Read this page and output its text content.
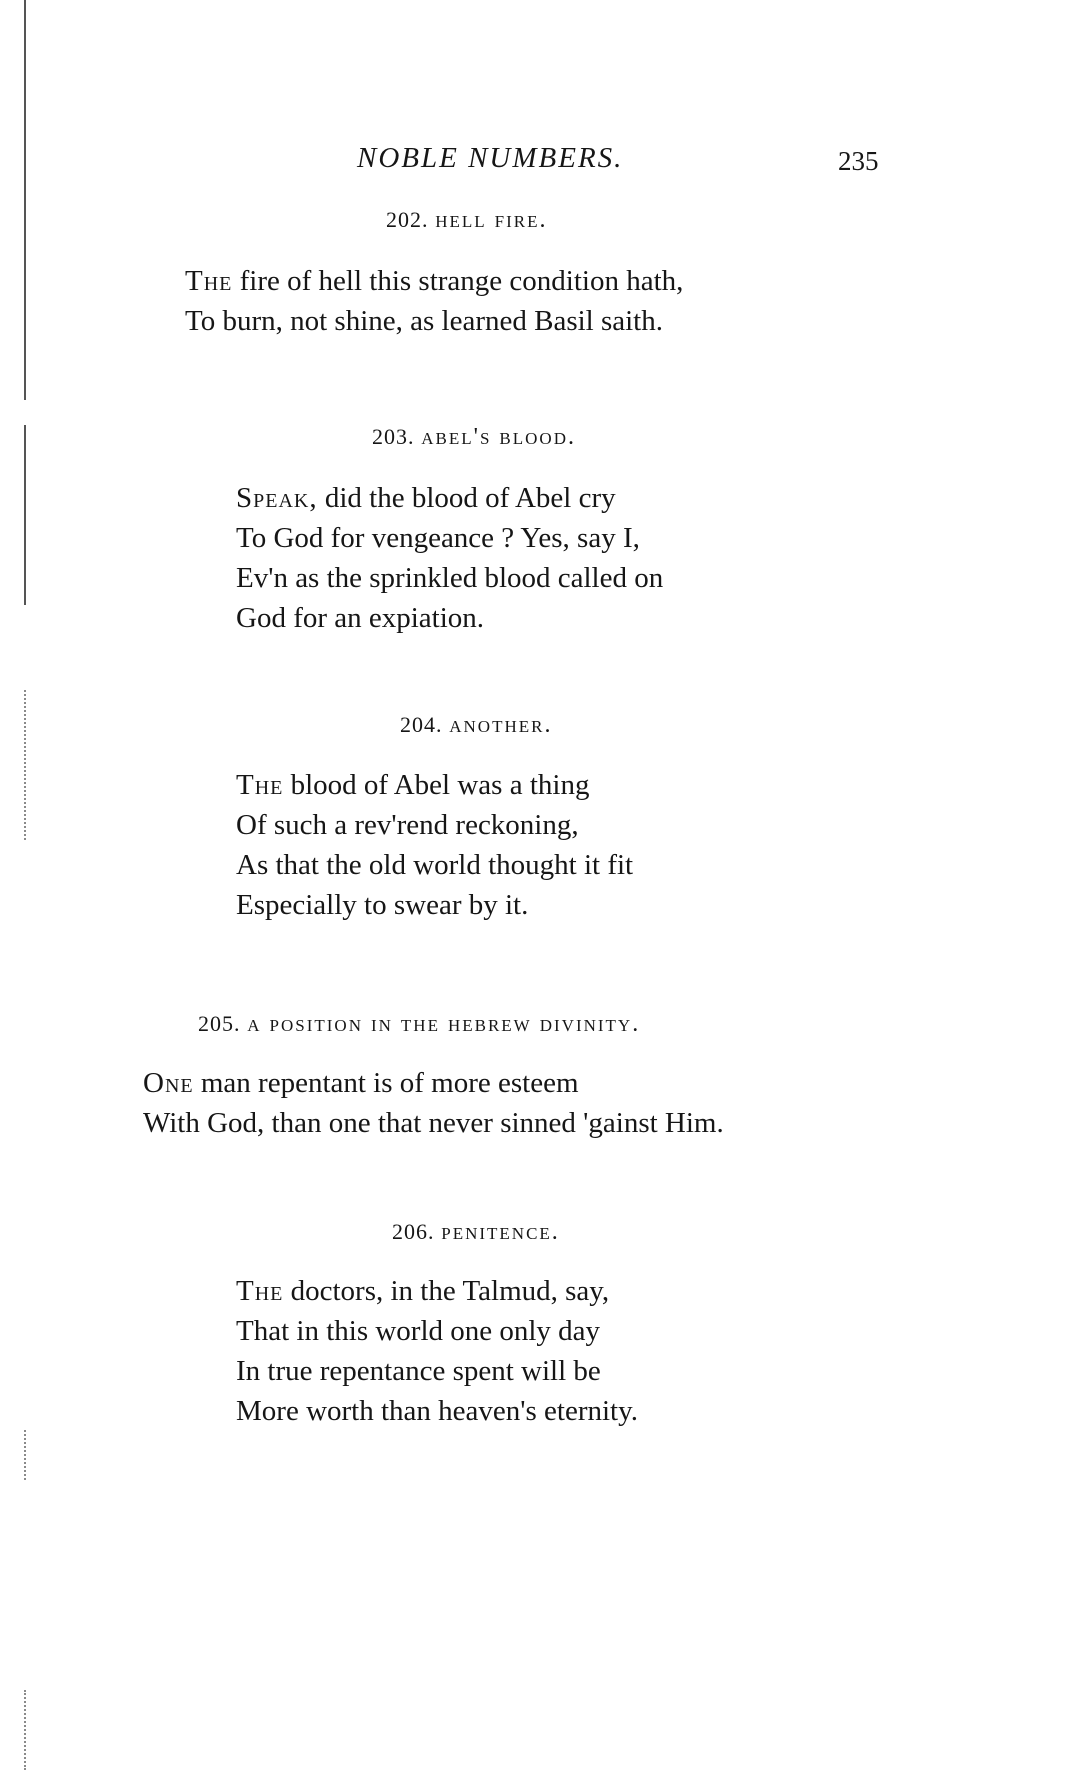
NOBLE NUMBERS.	235
202. hell fire.
The fire of hell this strange condition hath,
To burn, not shine, as learned Basil saith.
203. abel's blood.
Speak, did the blood of Abel cry
To God for vengeance ? Yes, say I,
Ev'n as the sprinkled blood called on
God for an expiation.
204. another.
The blood of Abel was a thing
Of such a rev'rend reckoning,
As that the old world thought it fit
Especially to swear by it.
205. a position in the hebrew divinity.
One man repentant is of more esteem
With God, than one that never sinned 'gainst Him.
206. penitence.
The doctors, in the Talmud, say,
That in this world one only day
In true repentance spent will be
More worth than heaven's eternity.
